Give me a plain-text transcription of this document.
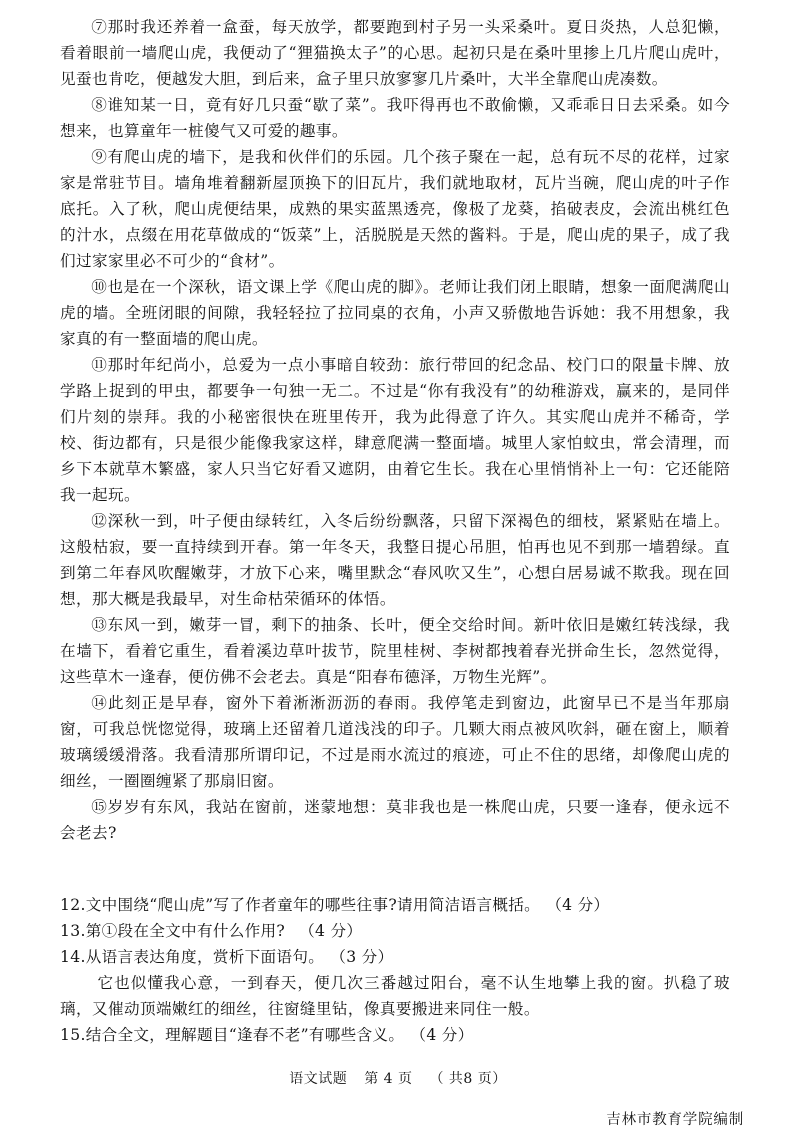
⑦那时我还养着一盒蚕，每天放学，都要跑到村子另一头采桑叶。夏日炎热，人总犯懒，看着眼前一墙爬山虎，我便动了“狸猫换太子”的心思。起初只是在桑叶里掺上几片爬山虎叶，见蚕也肯吃，便越发大胆，到后来，盒子里只放寥寥几片桑叶，大半全靠爬山虎凑数。

⑧谁知某一日，竟有好几只蚕“歇了菜”。我吓得再也不敢偷懒，又乖乖日日去采桑。如今想来，也算童年一桩傻气又可爱的趣事。

⑨有爬山虎的墙下，是我和伙伴们的乐园。几个孩子聚在一起，总有玩不尽的花样，过家家是常驻节目。墙角堆着翻新屋顶换下的旧瓦片，我们就地取材，瓦片当碗，爬山虎的叶子作底托。入了秋，爬山虎便结果，成熟的果实蓝黑透亮，像极了龙葵，掐破表皮，会流出桃红色的汁水，点缀在用花草做成的“饭菜”上，活脱脱是天然的酱料。于是，爬山虎的果子，成了我们过家家里必不可少的“食材”。

⑩也是在一个深秋，语文课上学《爬山虎的脚》。老师让我们闭上眼睛，想象一面爬满爬山虎的墙。全班闭眼的间隙，我轻轻拉了拉同桌的衣角，小声又骄傲地告诉她：我不用想象，我家真的有一整面墙的爬山虎。

⑪那时年纪尚小，总爱为一点小事暗自较劲：旅行带回的纪念品、校门口的限量卡牌、放学路上捉到的甲虫，都要争一句独一无二。不过是“你有我没有”的幼稚游戏，赢来的，是同伴们片刻的崇拜。我的小秘密很快在班里传开，我为此得意了许久。其实爬山虎并不稀奇，学校、街边都有，只是很少能像我家这样，肆意爬满一整面墙。城里人家怕蚊虫，常会清理，而乡下本就草木繁盛，家人只当它好看又遮阴，由着它生长。我在心里悄悄补上一句：它还能陪我一起玩。

⑫深秋一到，叶子便由绿转红，入冬后纷纷飘落，只留下深褐色的细枝，紧紧贴在墙上。这般枯寂，要一直持续到开春。第一年冬天，我整日提心吊胆，怕再也见不到那一墙碧绿。直到第二年春风吹醒嫩芽，才放下心来，嘴里默念“春风吹又生”，心想白居易诚不欺我。现在回想，那大概是我最早，对生命枯荣循环的体悟。

⑬东风一到，嫩芽一冒，剩下的抽条、长叶，便全交给时间。新叶依旧是嫩红转浅绿，我在墙下，看着它重生，看着溪边草叶拔节，院里桂树、李树都拽着春光拼命生长，忽然觉得，这些草木一逢春，便仿佛不会老去。真是“阳春布德泽，万物生光辉”。

⑭此刻正是早春，窗外下着淅淅沥沥的春雨。我停笔走到窗边，此窗早已不是当年那扇窗，可我总恍惚觉得，玻璃上还留着几道浅浅的印子。几颗大雨点被风吹斜，砸在窗上，顺着玻璃缓缓滑落。我看清那所谓印记，不过是雨水流过的痕迹，可止不住的思绪，却像爬山虎的细丝，一圈圈缠紧了那扇旧窗。

⑮岁岁有东风，我站在窗前，迷蒙地想：莫非我也是一株爬山虎，只要一逢春，便永远不会老去?

12.文中围绕“爬山虎”写了作者童年的哪些往事?请用简洁语言概括。 （4 分）

13.第①段在全文中有什么作用? （4 分）

14.从语言表达角度，赏析下面语句。 （3 分）

它也似懂我心意，一到春天，便几次三番越过阳台，毫不认生地攀上我的窗。扒稳了玻璃，又催动顶端嫩红的细丝，往窗缝里钻，像真要搬进来同住一般。

15.结合全文，理解题目“逢春不老”有哪些含义。 （4 分）

语文试题 第 4 页 （ 共8 页）
吉林市教育学院编制
